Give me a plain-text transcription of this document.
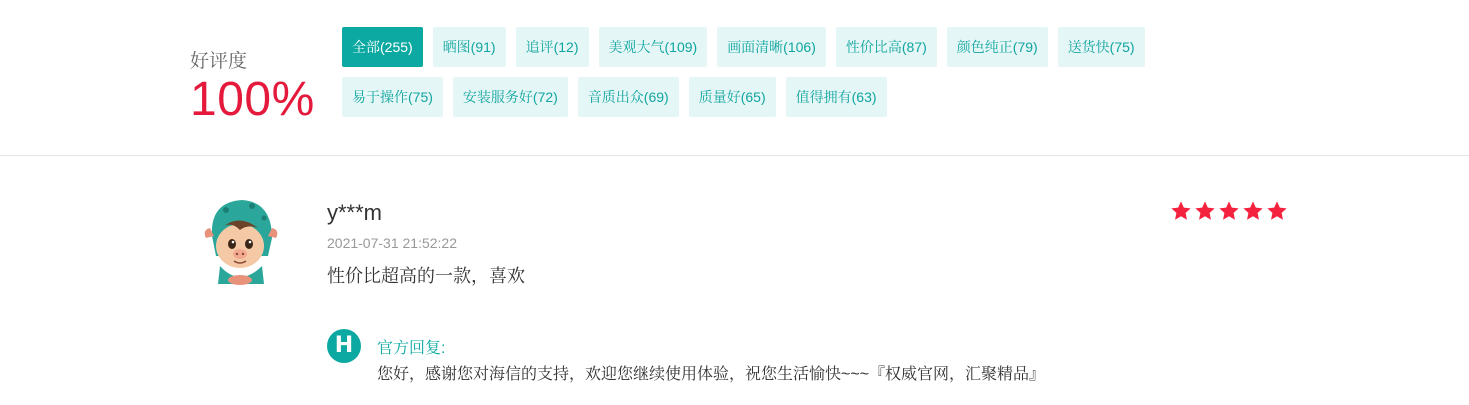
好评度
100%
全部(255)	晒图(91)	追评(12)	美观大气(109)	画面清晰(106)	性价比高(87)	颜色纯正(79)	送货快(75)
易于操作(75)	安装服务好(72)	音质出众(69)	质量好(65)	值得拥有(63)
y***m
2021-07-31 21:52:22
性价比超高的一款，喜欢
H	官方回复:
您好，感谢您对海信的支持，欢迎您继续使用体验，祝您生活愉快~~~『权威官网，汇聚精品』
